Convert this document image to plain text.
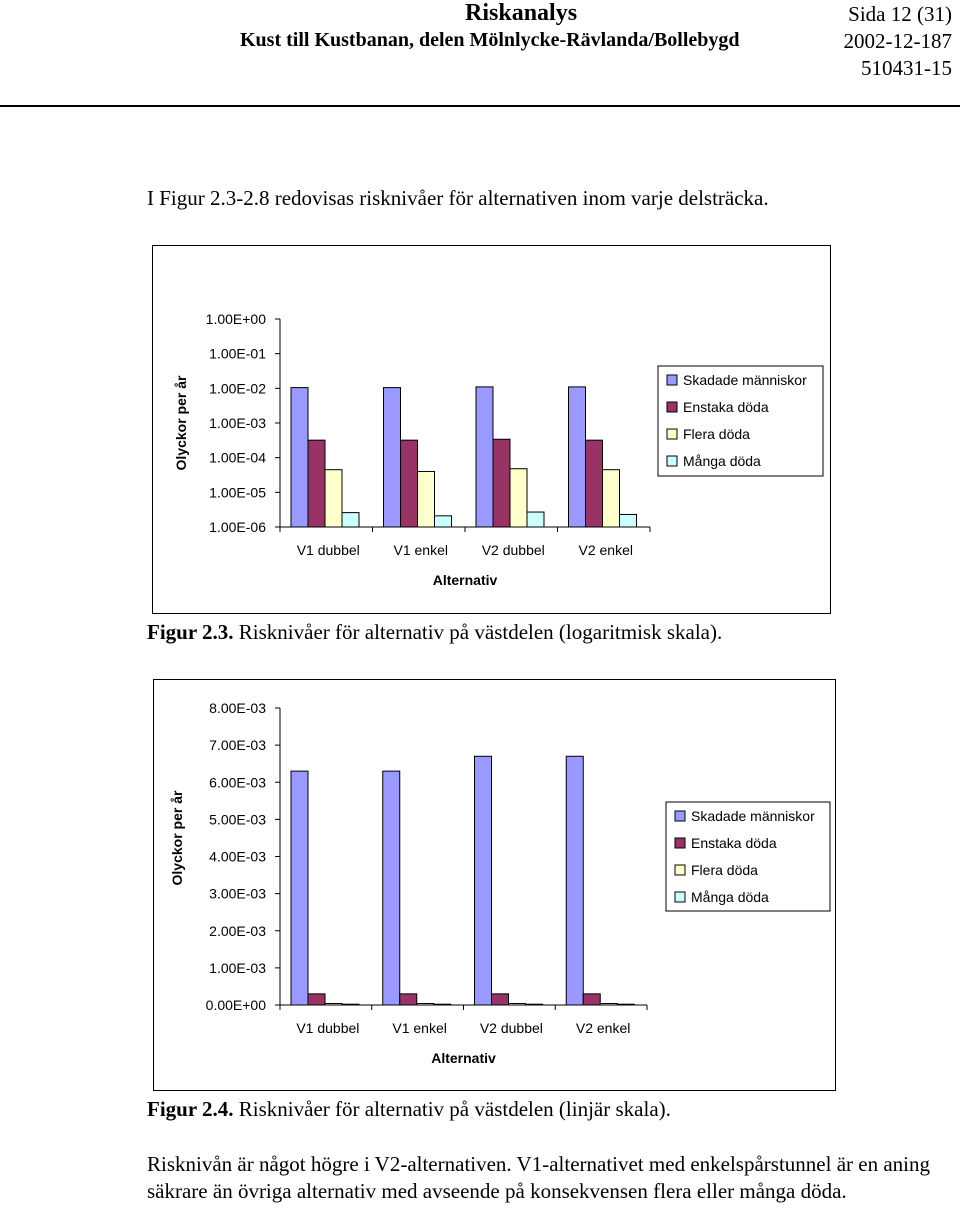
Riskanalys	Sida 12 (31)
Kust till Kustbanan, delen Mölnlycke-Rävlanda/Bollebygd	2002-12-187
510431-15
I Figur 2.3-2.8 redovisas risknivåer för alternativen inom varje delsträcka.
1.00E+00
1.00E-01
1.00E-02
1.00E-03
1.00E-04
1.00E-05
1.00E-06
Olyckor per år
V1 dubbel V1 enkel V2 dubbel V2 enkel
Alternativ
Skadade människor
Enstaka döda
Flera döda
Många döda
Figur 2.3. Risknivåer för alternativ på västdelen (logaritmisk skala).
8.00E-03
7.00E-03
6.00E-03
5.00E-03
4.00E-03
3.00E-03
2.00E-03
1.00E-03
0.00E+00
Olyckor per år
V1 dubbel V1 enkel V2 dubbel V2 enkel
Alternativ
Skadade människor
Enstaka döda
Flera döda
Många döda
Figur 2.4. Risknivåer för alternativ på västdelen (linjär skala).
Risknivån är något högre i V2-alternativen. V1-alternativet med enkelspårstunnel är en aning säkrare än övriga alternativ med avseende på konsekvensen flera eller många döda.
